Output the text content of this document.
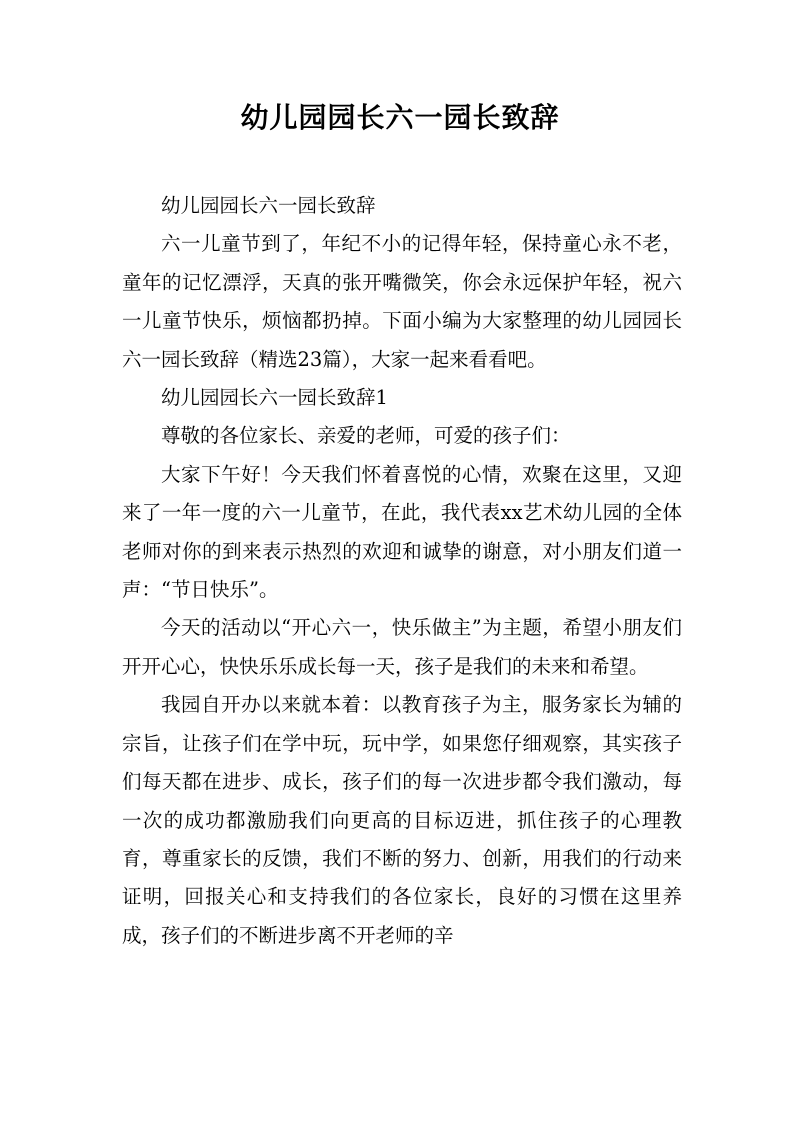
幼儿园园长六一园长致辞

幼儿园园长六一园长致辞

六一儿童节到了，年纪不小的记得年轻，保持童心永不老，童年的记忆漂浮，天真的张开嘴微笑，你会永远保护年轻，祝六一儿童节快乐，烦恼都扔掉。下面小编为大家整理的幼儿园园长六一园长致辞（精选23篇），大家一起来看看吧。

幼儿园园长六一园长致辞1

尊敬的各位家长、亲爱的老师，可爱的孩子们：

大家下午好！今天我们怀着喜悦的心情，欢聚在这里，又迎来了一年一度的六一儿童节，在此，我代表xx艺术幼儿园的全体老师对你的到来表示热烈的欢迎和诚挚的谢意，对小朋友们道一声：“节日快乐”。

今天的活动以“开心六一，快乐做主”为主题，希望小朋友们开开心心，快快乐乐成长每一天，孩子是我们的未来和希望。

我园自开办以来就本着：以教育孩子为主，服务家长为辅的宗旨，让孩子们在学中玩，玩中学，如果您仔细观察，其实孩子们每天都在进步、成长，孩子们的每一次进步都令我们激动，每一次的成功都激励我们向更高的目标迈进，抓住孩子的心理教育，尊重家长的反馈，我们不断的努力、创新，用我们的行动来证明，回报关心和支持我们的各位家长，良好的习惯在这里养成，孩子们的不断进步离不开老师的辛
